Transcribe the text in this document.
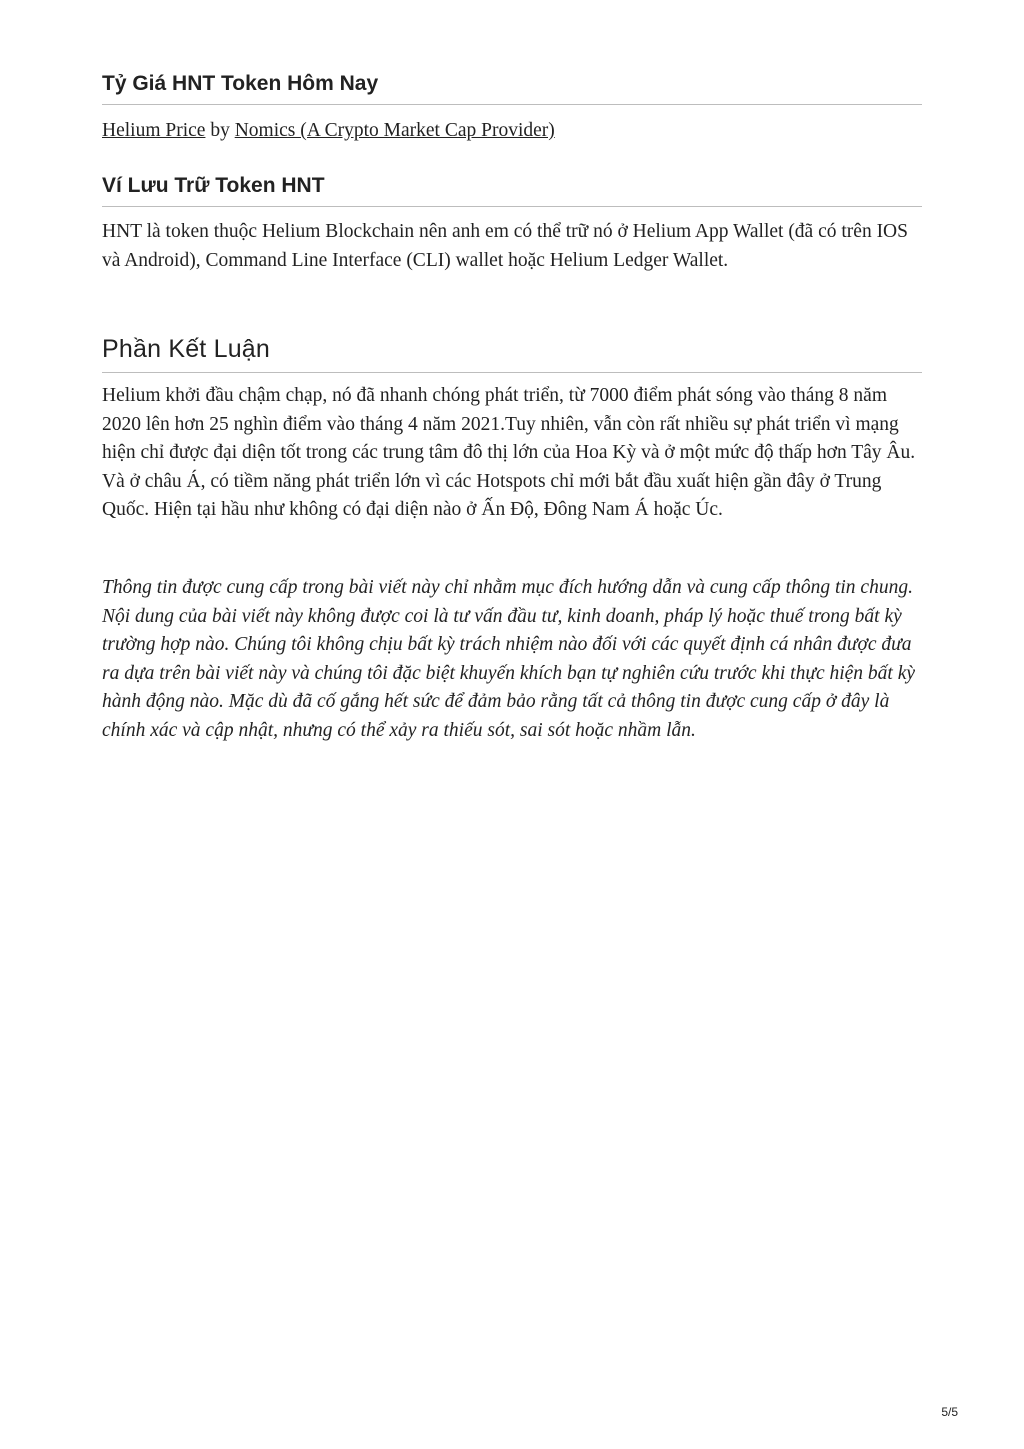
Tỷ Giá HNT Token Hôm Nay

Helium Price by Nomics (A Crypto Market Cap Provider)

Ví Lưu Trữ Token HNT

HNT là token thuộc Helium Blockchain nên anh em có thể trữ nó ở Helium App Wallet (đã có trên IOS và Android), Command Line Interface (CLI) wallet hoặc Helium Ledger Wallet.

Phần Kết Luận

Helium khởi đầu chậm chạp, nó đã nhanh chóng phát triển, từ 7000 điểm phát sóng vào tháng 8 năm 2020 lên hơn 25 nghìn điểm vào tháng 4 năm 2021.Tuy nhiên, vẫn còn rất nhiều sự phát triển vì mạng hiện chỉ được đại diện tốt trong các trung tâm đô thị lớn của Hoa Kỳ và ở một mức độ thấp hơn Tây Âu. Và ở châu Á, có tiềm năng phát triển lớn vì các Hotspots chỉ mới bắt đầu xuất hiện gần đây ở Trung Quốc. Hiện tại hầu như không có đại diện nào ở Ấn Độ, Đông Nam Á hoặc Úc.

Thông tin được cung cấp trong bài viết này chỉ nhằm mục đích hướng dẫn và cung cấp thông tin chung. Nội dung của bài viết này không được coi là tư vấn đầu tư, kinh doanh, pháp lý hoặc thuế trong bất kỳ trường hợp nào. Chúng tôi không chịu bất kỳ trách nhiệm nào đối với các quyết định cá nhân được đưa ra dựa trên bài viết này và chúng tôi đặc biệt khuyến khích bạn tự nghiên cứu trước khi thực hiện bất kỳ hành động nào. Mặc dù đã cố gắng hết sức để đảm bảo rằng tất cả thông tin được cung cấp ở đây là chính xác và cập nhật, nhưng có thể xảy ra thiếu sót, sai sót hoặc nhầm lẫn.

5/5
